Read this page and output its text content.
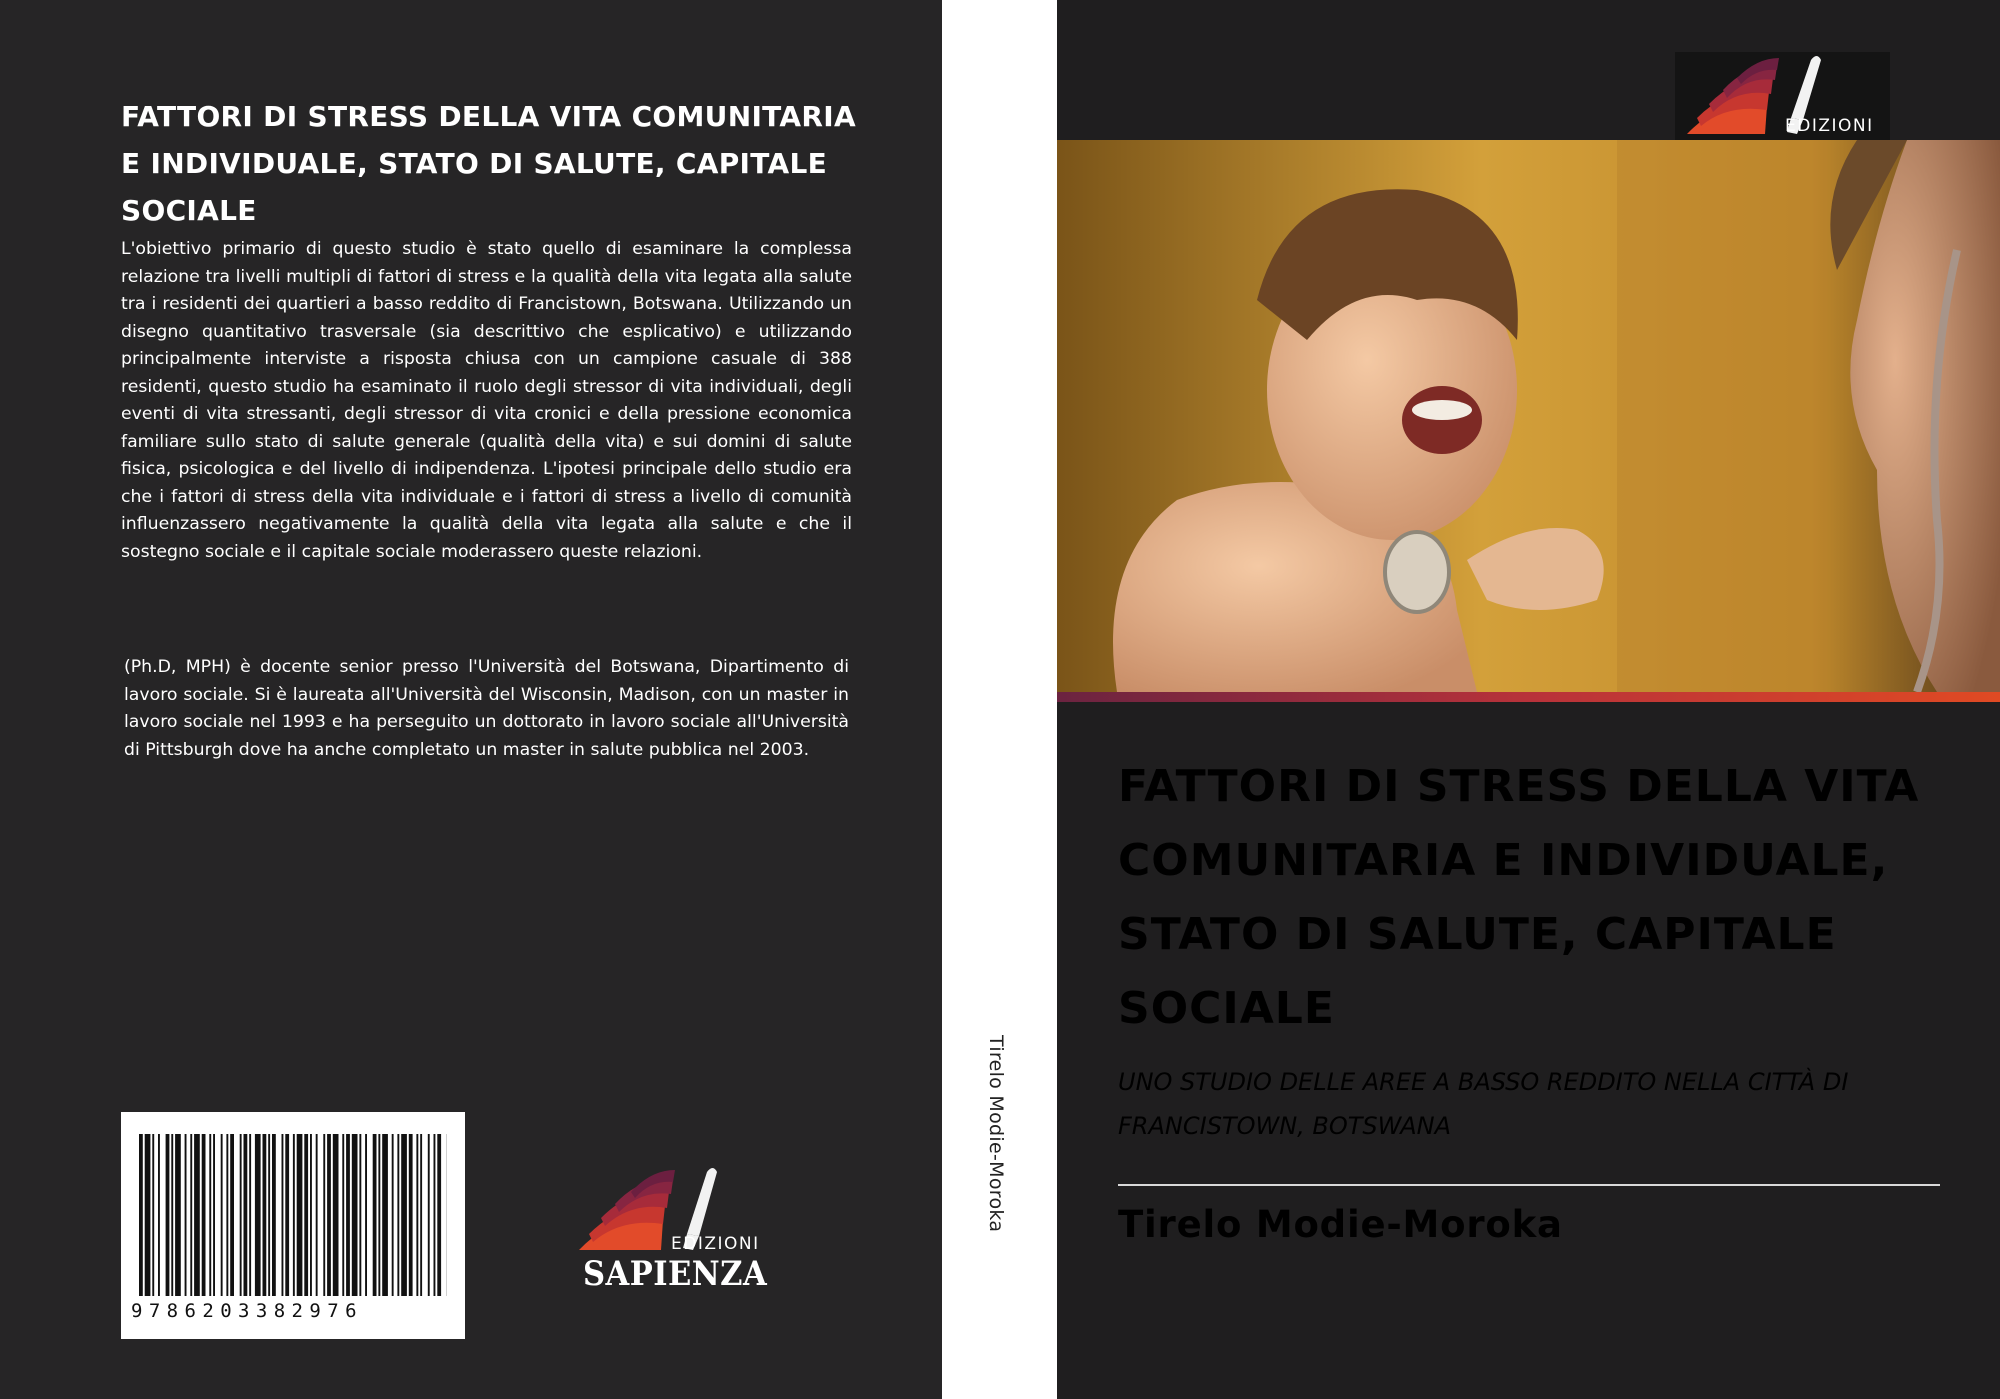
FATTORI DI STRESS DELLA VITA COMUNITARIA E INDIVIDUALE, STATO DI SALUTE, CAPITALE SOCIALE
L'obiettivo primario di questo studio è stato quello di esaminare la complessa relazione tra livelli multipli di fattori di stress e la qualità della vita legata alla salute tra i residenti dei quartieri a basso reddito di Francistown, Botswana. Utilizzando un disegno quantitativo trasversale (sia descrittivo che esplicativo) e utilizzando principalmente interviste a risposta chiusa con un campione casuale di 388 residenti, questo studio ha esaminato il ruolo degli stressor di vita individuali, degli eventi di vita stressanti, degli stressor di vita cronici e della pressione economica familiare sullo stato di salute generale (qualità della vita) e sui domini di salute fisica, psicologica e del livello di indipendenza. L'ipotesi principale dello studio era che i fattori di stress della vita individuale e i fattori di stress a livello di comunità influenzassero negativamente la qualità della vita legata alla salute e che il sostegno sociale e il capitale sociale moderassero queste relazioni.
(Ph.D, MPH) è docente senior presso l'Università del Botswana, Dipartimento di lavoro sociale. Si è laureata all'Università del Wisconsin, Madison, con un master in lavoro sociale nel 1993 e ha perseguito un dottorato in lavoro sociale all'Università di Pittsburgh dove ha anche completato un master in salute pubblica nel 2003.
9786203382976
EDIZIONI
SAPIENZA
Tirelo Modie-Moroka
EDIZIONI
FATTORI DI STRESS DELLA VITA COMUNITARIA E INDIVIDUALE, STATO DI SALUTE, CAPITALE SOCIALE
UNO STUDIO DELLE AREE A BASSO REDDITO NELLA CITTÀ DI FRANCISTOWN, BOTSWANA
Tirelo Modie-Moroka
